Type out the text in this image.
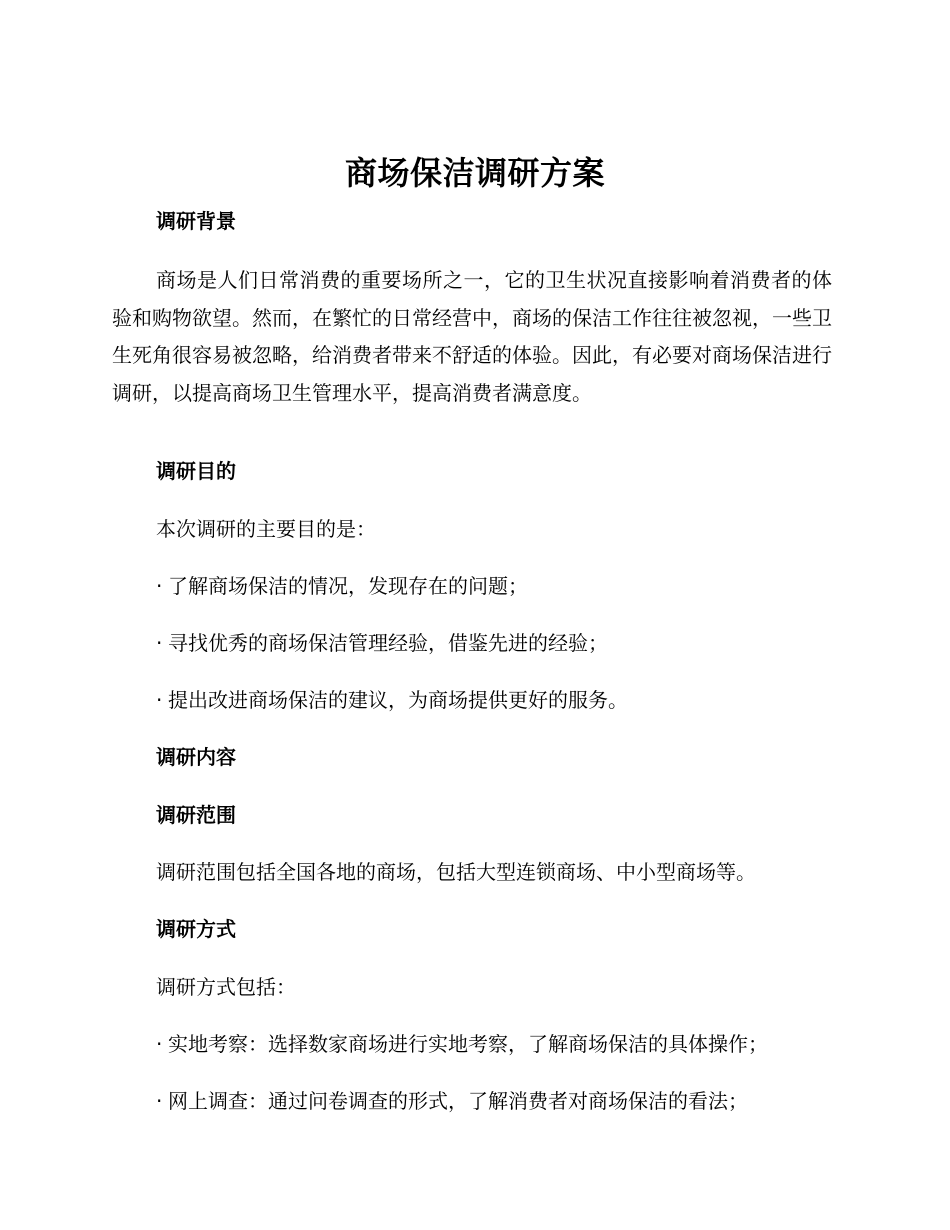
商场保洁调研方案
调研背景
商场是人们日常消费的重要场所之一，它的卫生状况直接影响着消费者的体验和购物欲望。然而，在繁忙的日常经营中，商场的保洁工作往往被忽视，一些卫生死角很容易被忽略，给消费者带来不舒适的体验。因此，有必要对商场保洁进行调研，以提高商场卫生管理水平，提高消费者满意度。
调研目的
本次调研的主要目的是：
· 了解商场保洁的情况，发现存在的问题；
· 寻找优秀的商场保洁管理经验，借鉴先进的经验；
· 提出改进商场保洁的建议，为商场提供更好的服务。
调研内容
调研范围
调研范围包括全国各地的商场，包括大型连锁商场、中小型商场等。
调研方式
调研方式包括：
· 实地考察：选择数家商场进行实地考察，了解商场保洁的具体操作；
· 网上调查：通过问卷调查的形式，了解消费者对商场保洁的看法；
